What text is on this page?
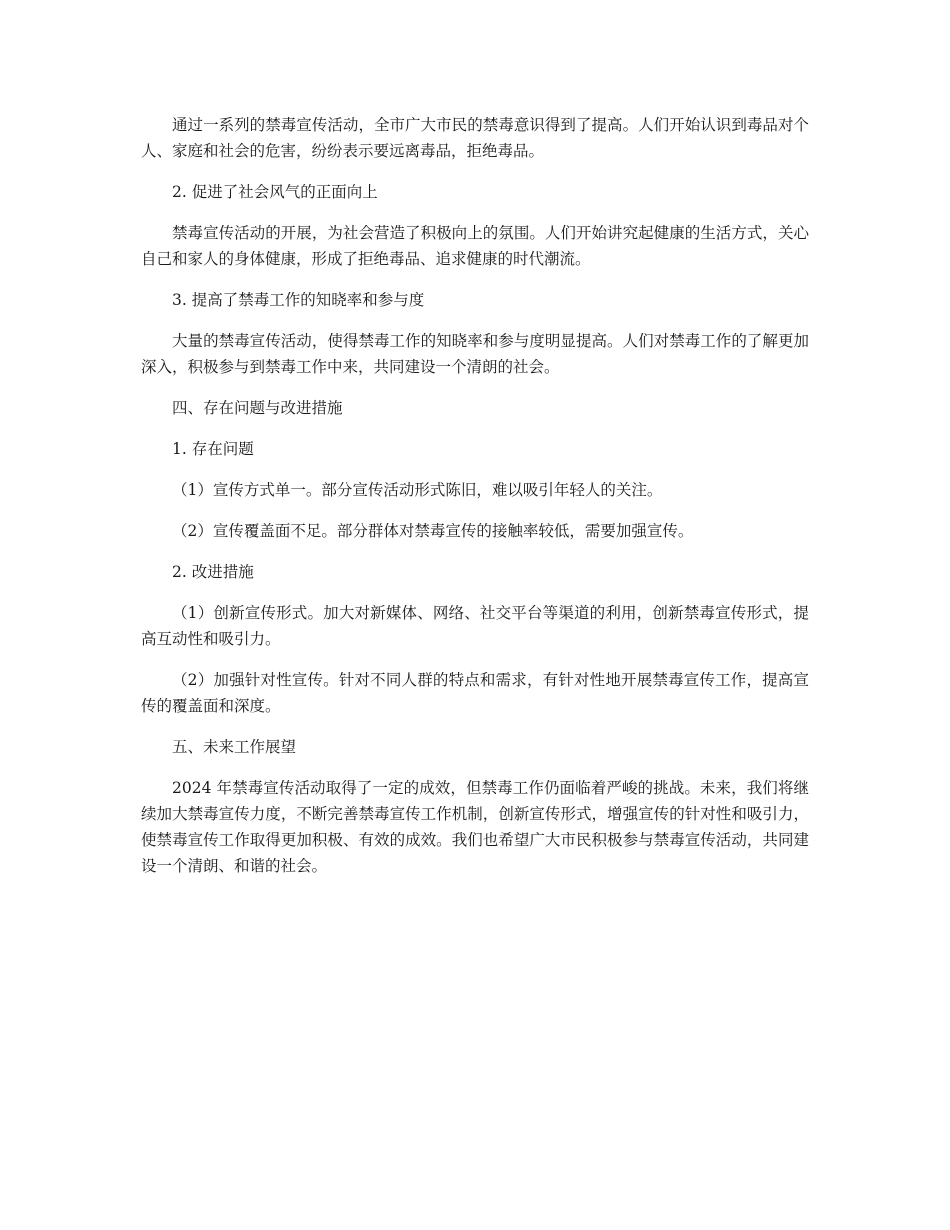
通过一系列的禁毒宣传活动，全市广大市民的禁毒意识得到了提高。人们开始认识到毒品对个人、家庭和社会的危害，纷纷表示要远离毒品，拒绝毒品。

2. 促进了社会风气的正面向上

禁毒宣传活动的开展，为社会营造了积极向上的氛围。人们开始讲究起健康的生活方式，关心自己和家人的身体健康，形成了拒绝毒品、追求健康的时代潮流。

3. 提高了禁毒工作的知晓率和参与度

大量的禁毒宣传活动，使得禁毒工作的知晓率和参与度明显提高。人们对禁毒工作的了解更加深入，积极参与到禁毒工作中来，共同建设一个清朗的社会。

四、存在问题与改进措施

1. 存在问题

（1）宣传方式单一。部分宣传活动形式陈旧，难以吸引年轻人的关注。

（2）宣传覆盖面不足。部分群体对禁毒宣传的接触率较低，需要加强宣传。

2. 改进措施

（1）创新宣传形式。加大对新媒体、网络、社交平台等渠道的利用，创新禁毒宣传形式，提高互动性和吸引力。

（2）加强针对性宣传。针对不同人群的特点和需求，有针对性地开展禁毒宣传工作，提高宣传的覆盖面和深度。

五、未来工作展望

2024 年禁毒宣传活动取得了一定的成效，但禁毒工作仍面临着严峻的挑战。未来，我们将继续加大禁毒宣传力度，不断完善禁毒宣传工作机制，创新宣传形式，增强宣传的针对性和吸引力，使禁毒宣传工作取得更加积极、有效的成效。我们也希望广大市民积极参与禁毒宣传活动，共同建设一个清朗、和谐的社会。
